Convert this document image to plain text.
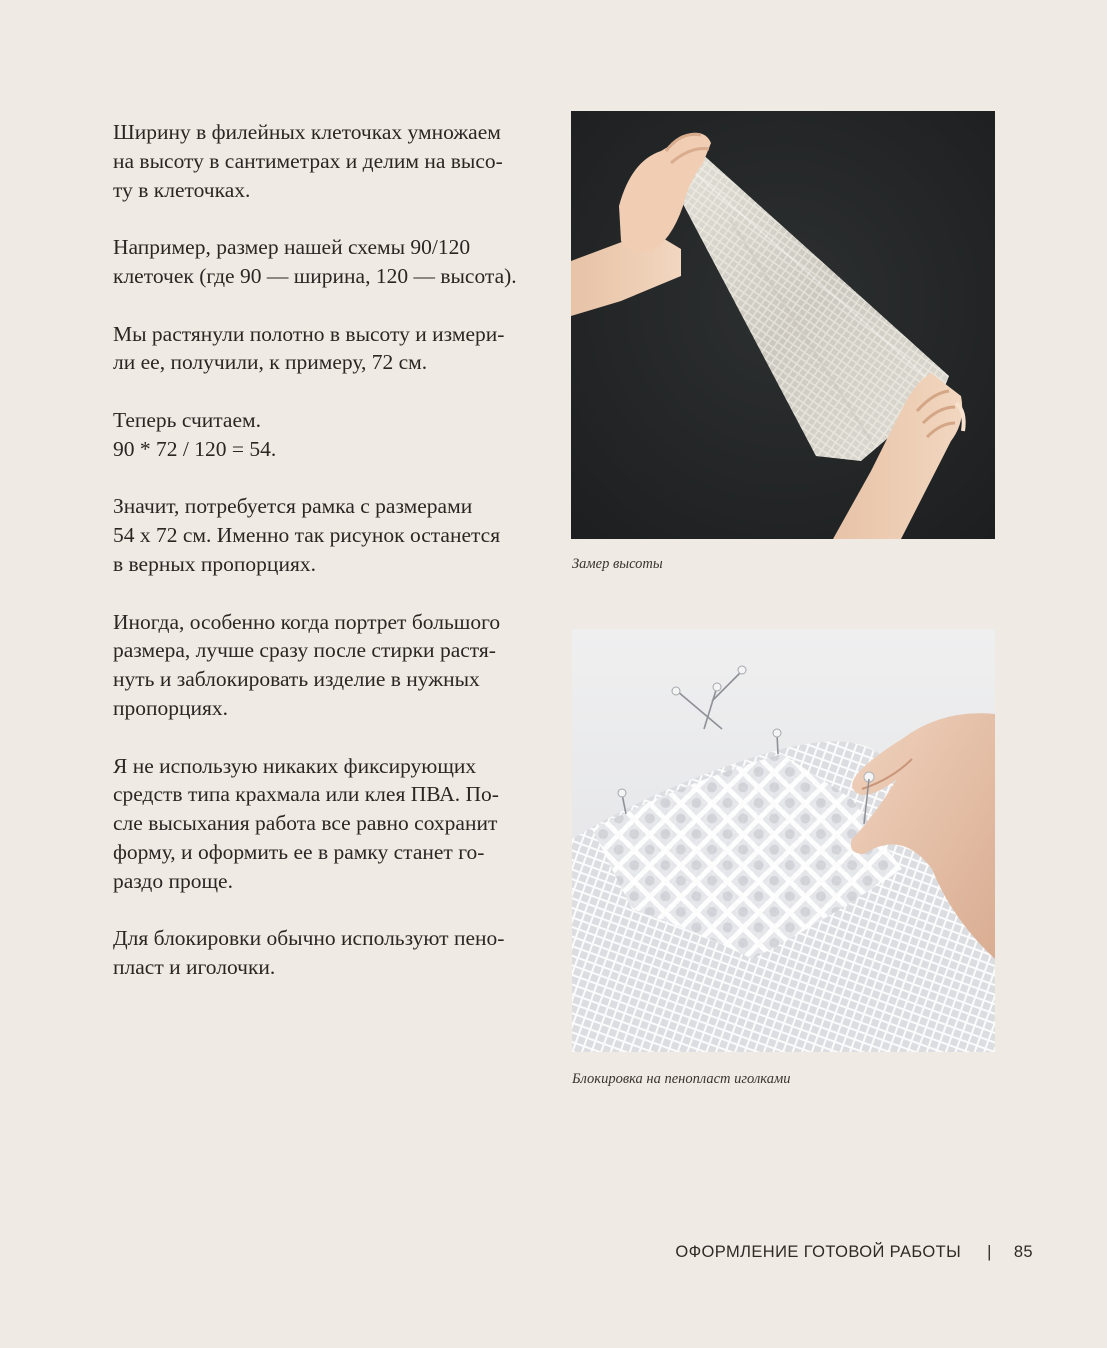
Ширину в филейных клеточках умножаем
на высоту в сантиметрах и делим на высо-
ту в клеточках.

Например, размер нашей схемы 90/120
клеточек (где 90 — ширина, 120 — высота).

Мы растянули полотно в высоту и измери-
ли ее, получили, к примеру, 72 см.

Теперь считаем.
90 * 72 / 120 = 54.

Значит, потребуется рамка с размерами
54 х 72 см. Именно так рисунок останется
в верных пропорциях.

Иногда, особенно когда портрет большого
размера, лучше сразу после стирки растя-
нуть и заблокировать изделие в нужных
пропорциях.

Я не использую никаких фиксирующих
средств типа крахмала или клея ПВА. По-
сле высыхания работа все равно сохранит
форму, и оформить ее в рамку станет го-
раздо проще.

Для блокировки обычно используют пено-
пласт и иголочки.

Замер высоты
Блокировка на пенопласт иголками
ОФОРМЛЕНИЕ ГОТОВОЙ РАБОТЫ | 85
